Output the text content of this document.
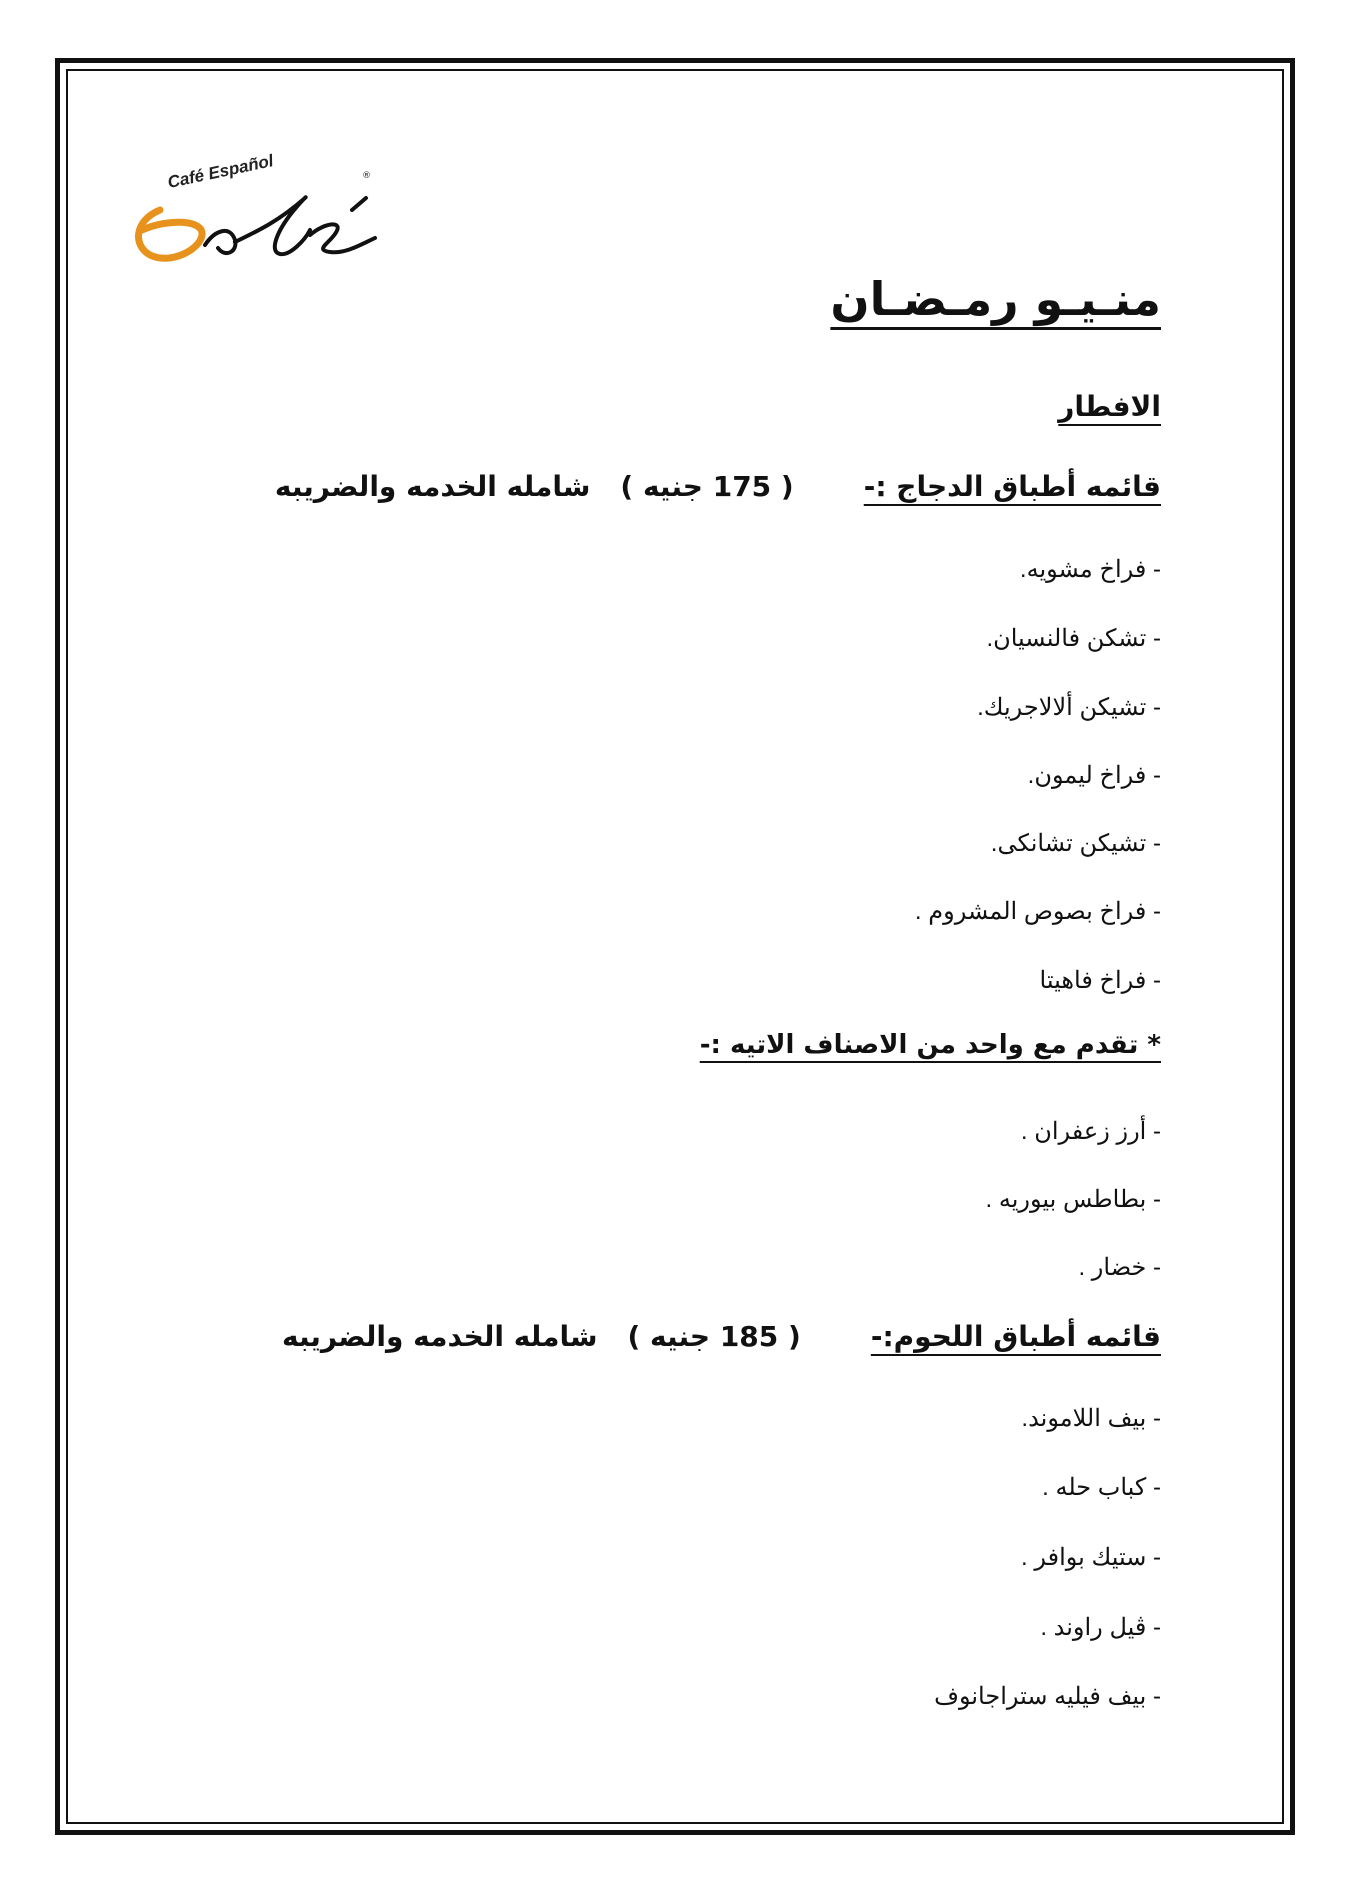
Café Español	®
منـيـو رمـضـان
الافطار
قائمه أطباق الدجاج :-
( 175 جنيه )
شامله الخدمه والضريبه
- فراخ مشويه.
- تشكن فالنسيان.
- تشيكن ألالاجريك.
- فراخ ليمون.
- تشيكن تشانكى.
- فراخ بصوص المشروم .
- فراخ فاهيتا
* تقدم مع واحد من الاصناف الاتيه :-
- أرز زعفران .
- بطاطس بيوريه .
- خضار .
قائمه أطباق اللحوم:-
( 185 جنيه )
شامله الخدمه والضريبه
- بيف اللاموند.
- كباب حله .
- ستيك بوافر .
- ڤيل راوند .
- بيف فيليه ستراجانوف
